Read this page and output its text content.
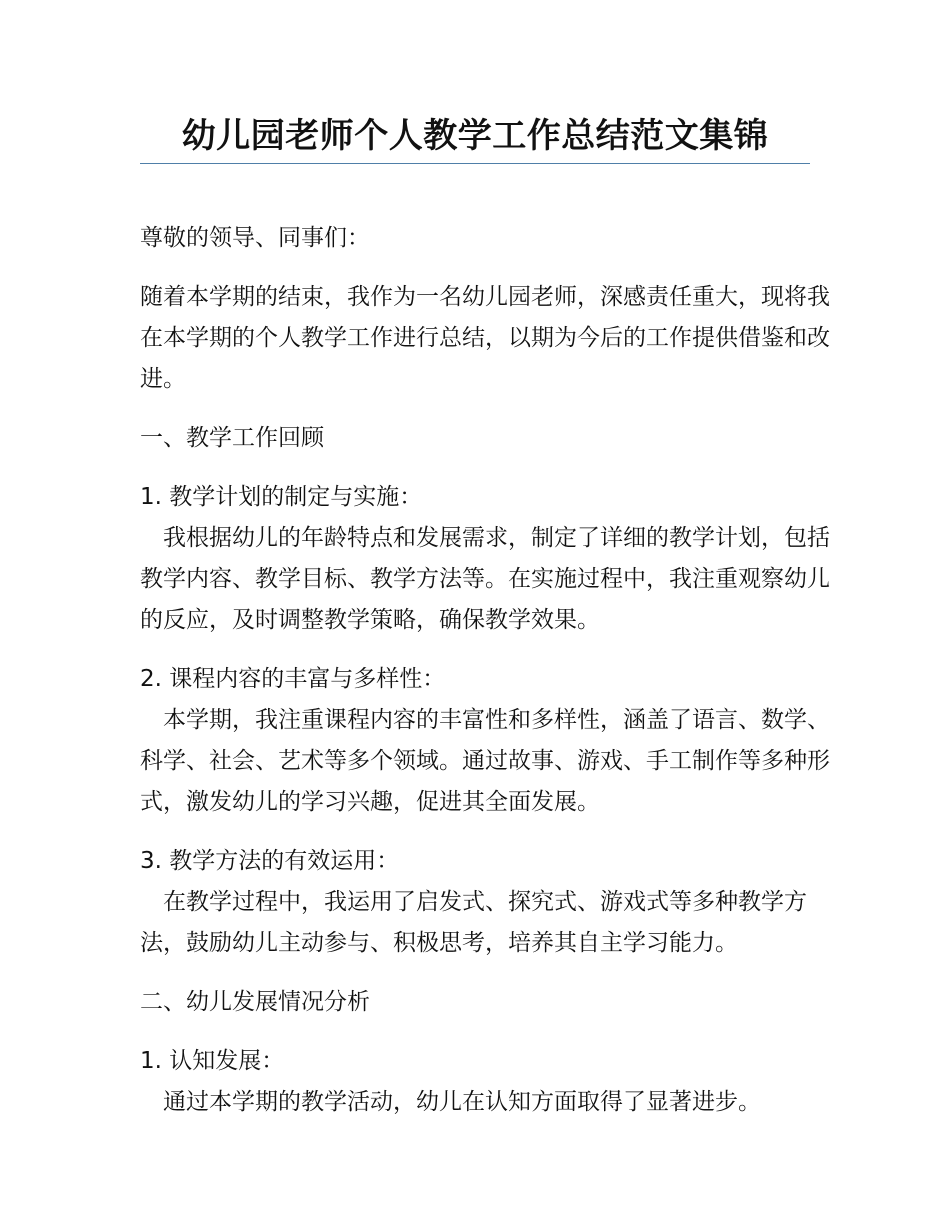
幼儿园老师个人教学工作总结范文集锦

尊敬的领导、同事们：

随着本学期的结束，我作为一名幼儿园老师，深感责任重大，现将我在本学期的个人教学工作进行总结，以期为今后的工作提供借鉴和改进。

一、教学工作回顾

1. 教学计划的制定与实施：

我根据幼儿的年龄特点和发展需求，制定了详细的教学计划，包括教学内容、教学目标、教学方法等。在实施过程中，我注重观察幼儿的反应，及时调整教学策略，确保教学效果。

2. 课程内容的丰富与多样性：

本学期，我注重课程内容的丰富性和多样性，涵盖了语言、数学、科学、社会、艺术等多个领域。通过故事、游戏、手工制作等多种形式，激发幼儿的学习兴趣，促进其全面发展。

3. 教学方法的有效运用：

在教学过程中，我运用了启发式、探究式、游戏式等多种教学方法，鼓励幼儿主动参与、积极思考，培养其自主学习能力。

二、幼儿发展情况分析

1. 认知发展：

通过本学期的教学活动，幼儿在认知方面取得了显著进步。
